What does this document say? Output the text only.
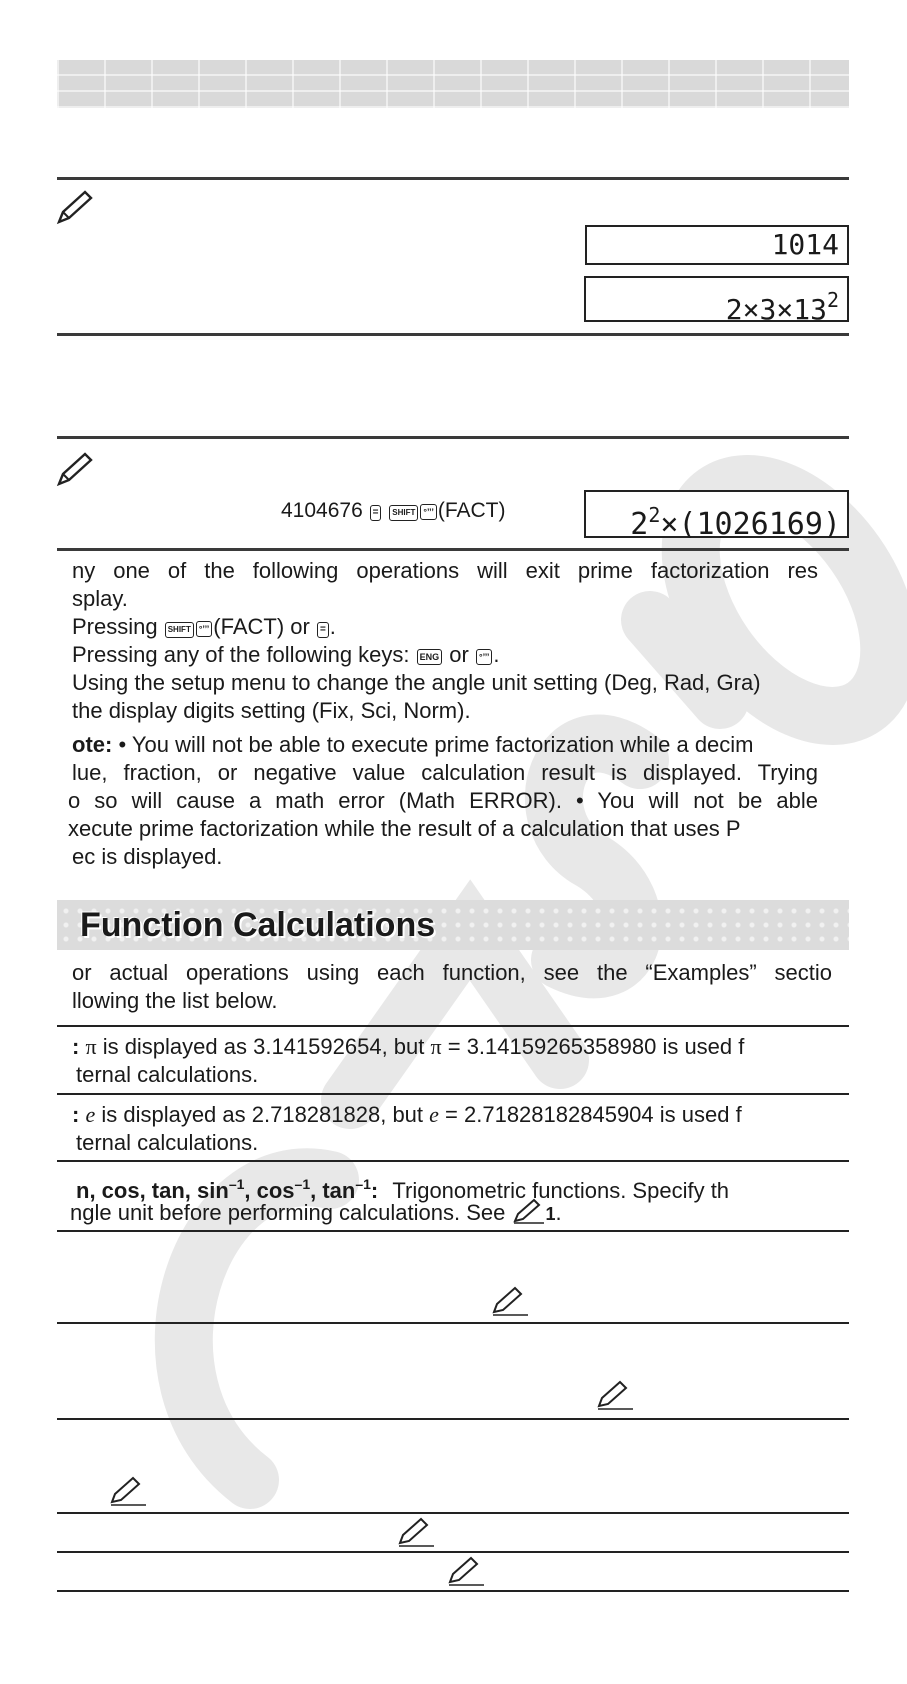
1014
2×3×132
4104676 = SHIFT °’’’ (FACT)	22×(1026169)
ny one of the following operations will exit prime factorization res
splay.
Pressing SHIFT °’’’ (FACT) or = .
Pressing any of the following keys: ENG or °’’’ .
Using the setup menu to change the angle unit setting (Deg, Rad, Gra)
the display digits setting (Fix, Sci, Norm).
ote: • You will not be able to execute prime factorization while a decim
lue, fraction, or negative value calculation result is displayed. Trying
o so will cause a math error (Math ERROR). • You will not be able
xecute prime factorization while the result of a calculation that uses P
ec is displayed.
Function Calculations
or actual operations using each function, see the “Examples” sectio
llowing the list below.
: π is displayed as 3.141592654, but π = 3.14159265358980 is used f
ternal calculations.
: e is displayed as 2.718281828, but e = 2.71828182845904 is used f
ternal calculations.
n, cos, tan, $\sin^{-1}$, $\cos^{-1}$, $\tan^{-1}$: Trigonometric functions. Specify th
ngle unit before performing calculations. See 1.
